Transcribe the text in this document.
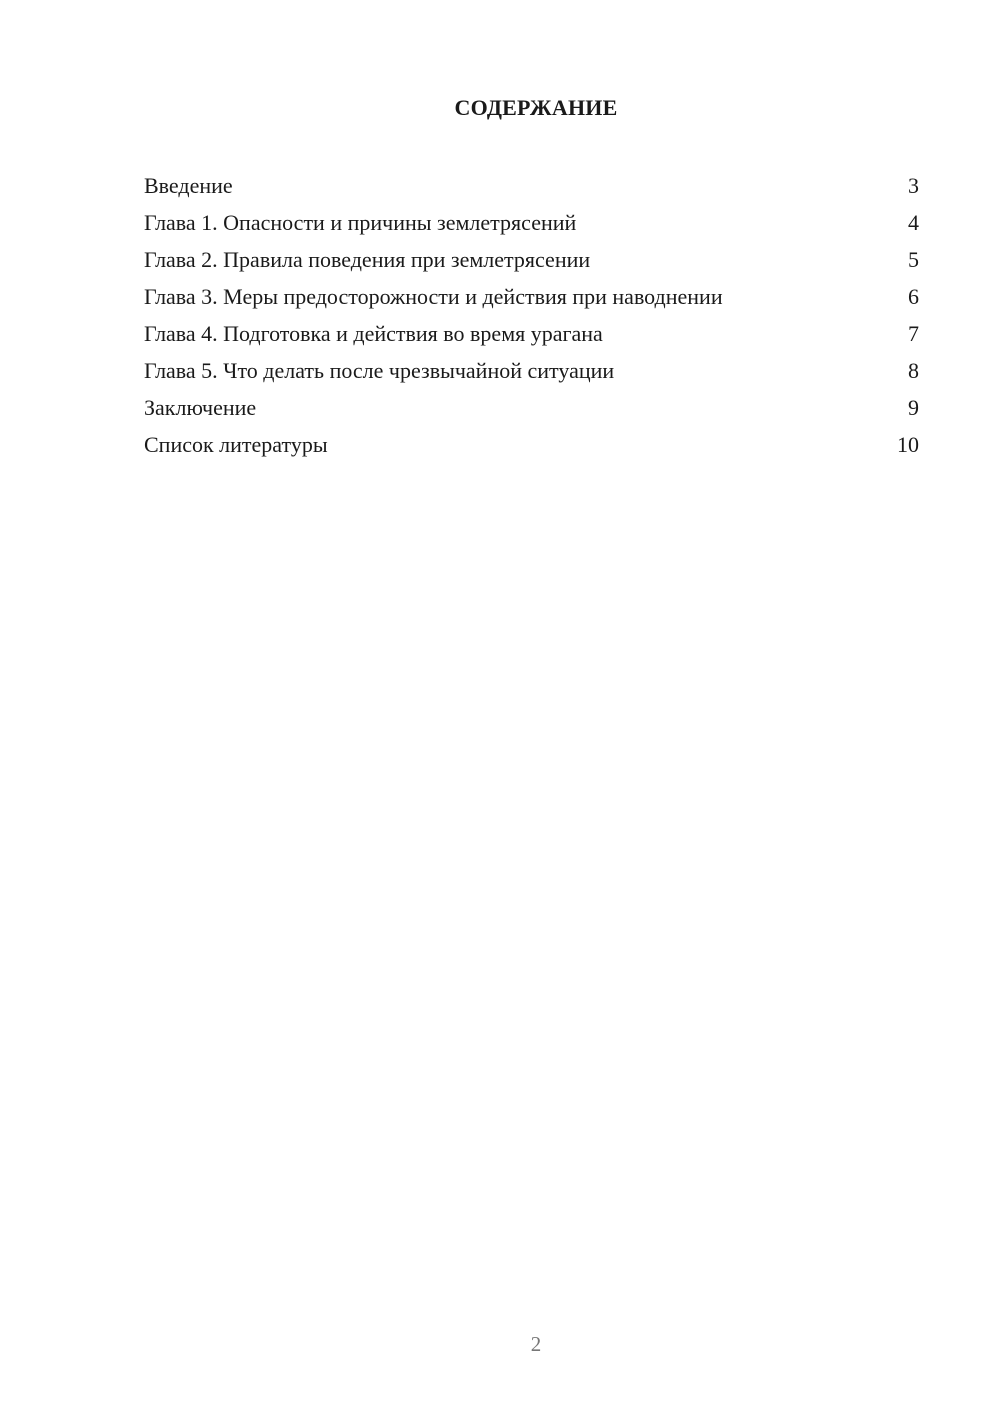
СОДЕРЖАНИЕ
Введение	3
Глава 1. Опасности и причины землетрясений	4
Глава 2. Правила поведения при землетрясении	5
Глава 3. Меры предосторожности и действия при наводнении	6
Глава 4. Подготовка и действия во время урагана	7
Глава 5. Что делать после чрезвычайной ситуации	8
Заключение	9
Список литературы	10
2
